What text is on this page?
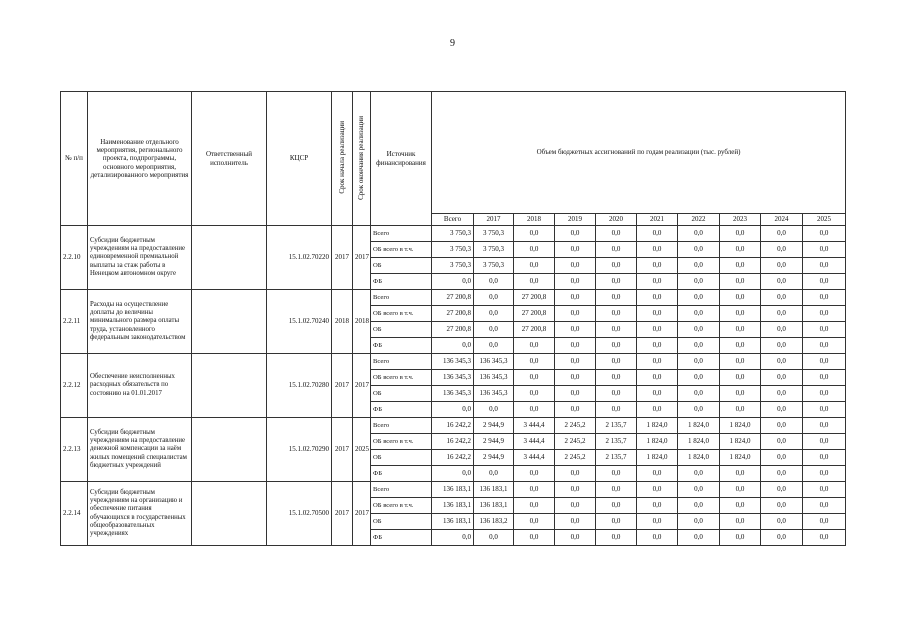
9
№ п/п	Наименование отдельного мероприятия, регионального проекта, подпрограммы, основного мероприятия, детализированного мероприятия	Ответственный исполнитель	КЦСР	Срок начала реализации	Срок окончания реализации	Источник финансирования	Объем бюджетных ассигнований по годам реализации (тыс. рублей)									
							Всего	2017	2018	2019	2020	2021	2022	2023	2024	2025
2.2.10	Субсидии бюджетным учреждениям на предоставление единовременной премиальной выплаты за стаж работы в Ненецком автономном округе		15.1.02.70220	2017	2017	Всего	3 750,3	3 750,3	0,0	0,0	0,0	0,0	0,0	0,0	0,0	0,0
						ОБ всего в т.ч.	3 750,3	3 750,3	0,0	0,0	0,0	0,0	0,0	0,0	0,0	0,0
						ОБ	3 750,3	3 750,3	0,0	0,0	0,0	0,0	0,0	0,0	0,0	0,0
						ФБ	0,0	0,0	0,0	0,0	0,0	0,0	0,0	0,0	0,0	0,0
2.2.11	Расходы на осуществление доплаты до величины минимального размера оплаты труда, установленного федеральным законодательством		15.1.02.70240	2018	2018	Всего	27 200,8	0,0	27 200,8	0,0	0,0	0,0	0,0	0,0	0,0	0,0
						ОБ всего в т.ч.	27 200,8	0,0	27 200,8	0,0	0,0	0,0	0,0	0,0	0,0	0,0
						ОБ	27 200,8	0,0	27 200,8	0,0	0,0	0,0	0,0	0,0	0,0	0,0
						ФБ	0,0	0,0	0,0	0,0	0,0	0,0	0,0	0,0	0,0	0,0
2.2.12	Обеспечение неисполненных расходных обязательств по состоянию на 01.01.2017		15.1.02.70280	2017	2017	Всего	136 345,3	136 345,3	0,0	0,0	0,0	0,0	0,0	0,0	0,0	0,0
						ОБ всего в т.ч.	136 345,3	136 345,3	0,0	0,0	0,0	0,0	0,0	0,0	0,0	0,0
						ОБ	136 345,3	136 345,3	0,0	0,0	0,0	0,0	0,0	0,0	0,0	0,0
						ФБ	0,0	0,0	0,0	0,0	0,0	0,0	0,0	0,0	0,0	0,0
2.2.13	Субсидии бюджетным учреждениям на предоставление денежной компенсации за наём жилых помещений специалистам бюджетных учреждений		15.1.02.70290	2017	2025	Всего	16 242,2	2 944,9	3 444,4	2 245,2	2 135,7	1 824,0	1 824,0	1 824,0	0,0	0,0
						ОБ всего в т.ч.	16 242,2	2 944,9	3 444,4	2 245,2	2 135,7	1 824,0	1 824,0	1 824,0	0,0	0,0
						ОБ	16 242,2	2 944,9	3 444,4	2 245,2	2 135,7	1 824,0	1 824,0	1 824,0	0,0	0,0
						ФБ	0,0	0,0	0,0	0,0	0,0	0,0	0,0	0,0	0,0	0,0
2.2.14	Субсидии бюджетным учреждениям на организацию и обеспечение питания обучающихся в государственных общеобразовательных учреждениях		15.1.02.70500	2017	2017	Всего	136 183,1	136 183,1	0,0	0,0	0,0	0,0	0,0	0,0	0,0	0,0
						ОБ всего в т.ч.	136 183,1	136 183,1	0,0	0,0	0,0	0,0	0,0	0,0	0,0	0,0
						ОБ	136 183,1	136 183,2	0,0	0,0	0,0	0,0	0,0	0,0	0,0	0,0
						ФБ	0,0	0,0	0,0	0,0	0,0	0,0	0,0	0,0	0,0	0,0
